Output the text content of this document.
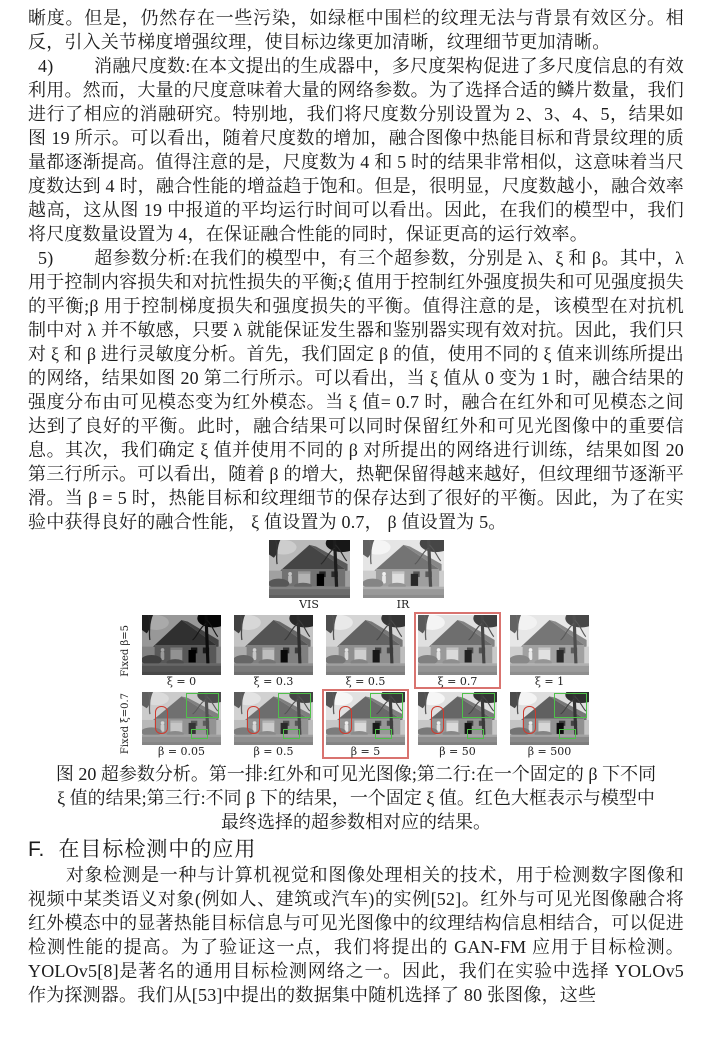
晰度。但是，仍然存在一些污染，如绿框中围栏的纹理无法与背景有效区分。相反，引入关节梯度增强纹理，使目标边缘更加清晰，纹理细节更加清晰。

4) 消融尺度数:在本文提出的生成器中，多尺度架构促进了多尺度信息的有效利用。然而，大量的尺度意味着大量的网络参数。为了选择合适的鳞片数量，我们进行了相应的消融研究。特别地，我们将尺度数分别设置为 2、3、4、5，结果如图 19 所示。可以看出，随着尺度数的增加，融合图像中热能目标和背景纹理的质量都逐渐提高。值得注意的是，尺度数为 4 和 5 时的结果非常相似，这意味着当尺度数达到 4 时，融合性能的增益趋于饱和。但是，很明显，尺度数越小，融合效率越高，这从图 19 中报道的平均运行时间可以看出。因此，在我们的模型中，我们将尺度数量设置为 4，在保证融合性能的同时，保证更高的运行效率。

5) 超参数分析:在我们的模型中，有三个超参数，分别是 λ、ξ 和 β。其中，λ 用于控制内容损失和对抗性损失的平衡;ξ 值用于控制红外强度损失和可见强度损失的平衡;β 用于控制梯度损失和强度损失的平衡。值得注意的是，该模型在对抗机制中对 λ 并不敏感，只要 λ 就能保证发生器和鉴别器实现有效对抗。因此，我们只对 ξ 和 β 进行灵敏度分析。首先，我们固定 β 的值，使用不同的 ξ 值来训练所提出的网络，结果如图 20 第二行所示。可以看出，当 ξ 值从 0 变为 1 时，融合结果的强度分布由可见模态变为红外模态。当 ξ 值= 0.7 时，融合在红外和可见模态之间达到了良好的平衡。此时，融合结果可以同时保留红外和可见光图像中的重要信息。其次，我们确定 ξ 值并使用不同的 β 对所提出的网络进行训练，结果如图 20 第三行所示。可以看出，随着 β 的增大，热靶保留得越来越好，但纹理细节逐渐平滑。当 β = 5 时，热能目标和纹理细节的保存达到了很好的平衡。因此，为了在实验中获得良好的融合性能， ξ 值设置为 0.7， β 值设置为 5。

VIS	IR
Fixed β=5
ξ = 0	ξ = 0.3	ξ = 0.5	ξ = 0.7	ξ = 1
Fixed ξ=0.7 β = 0.05	β = 0.5	β = 5	β = 50	β = 500
图 20 超参数分析。第一排:红外和可见光图像;第二行:在一个固定的 β 下不同
ξ 值的结果;第三行:不同 β 下的结果，一个固定 ξ 值。红色大框表示与模型中
最终选择的超参数相对应的结果。
F. 在目标检测中的应用

对象检测是一种与计算机视觉和图像处理相关的技术，用于检测数字图像和视频中某类语义对象(例如人、建筑或汽车)的实例[52]。红外与可见光图像融合将红外模态中的显著热能目标信息与可见光图像中的纹理结构信息相结合，可以促进检测性能的提高。为了验证这一点，我们将提出的 GAN-FM 应用于目标检测。YOLOv5[8]是著名的通用目标检测网络之一。因此，我们在实验中选择 YOLOv5 作为探测器。我们从[53]中提出的数据集中随机选择了 80 张图像，这些
